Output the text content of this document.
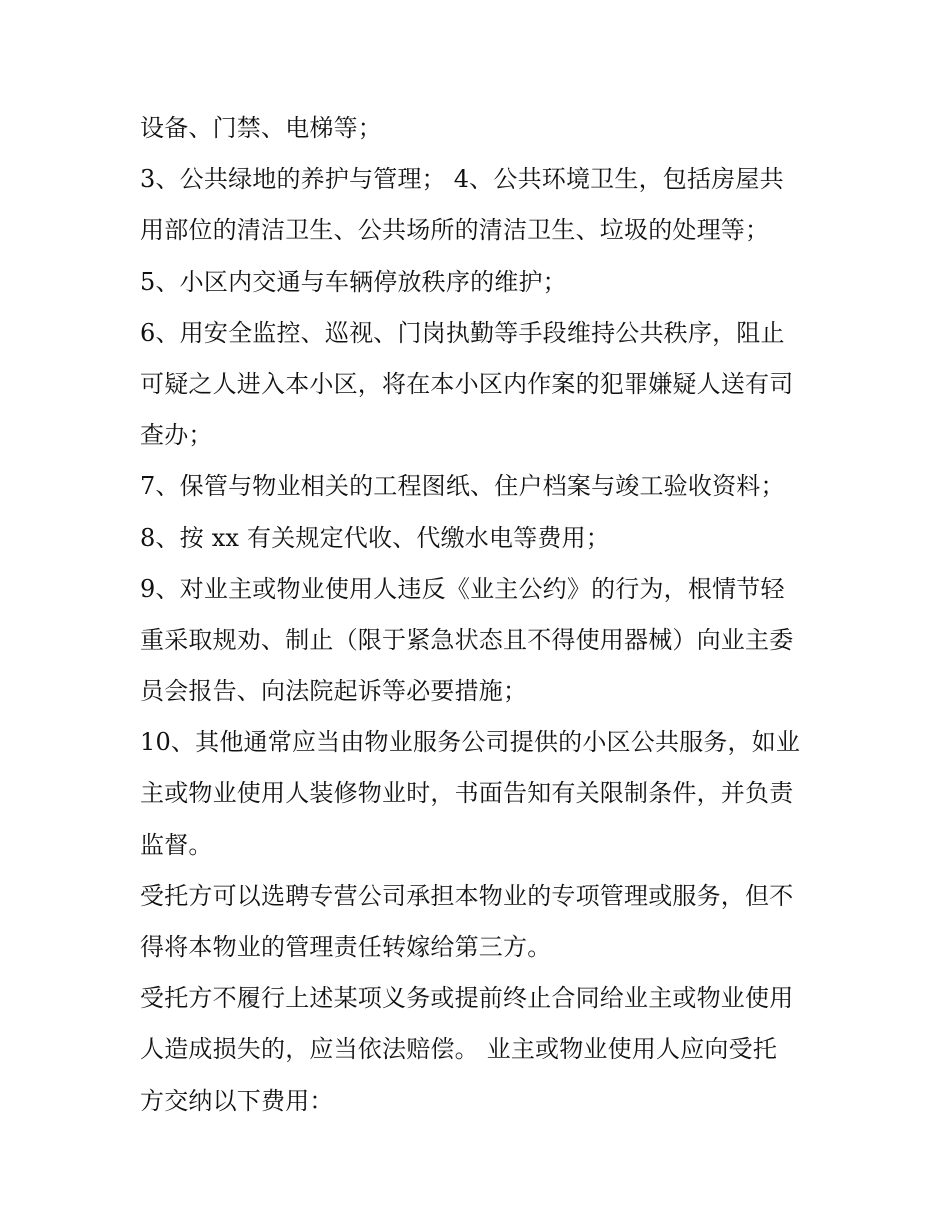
设备、门禁、电梯等；
3、公共绿地的养护与管理； 4、公共环境卫生，包括房屋共
用部位的清洁卫生、公共场所的清洁卫生、垃圾的处理等；
5、小区内交通与车辆停放秩序的维护；
6、用安全监控、巡视、门岗执勤等手段维持公共秩序，阻止
可疑之人进入本小区，将在本小区内作案的犯罪嫌疑人送有司
查办；
7、保管与物业相关的工程图纸、住户档案与竣工验收资料；
8、按 xx 有关规定代收、代缴水电等费用；
9、对业主或物业使用人违反《业主公约》的行为，根情节轻
重采取规劝、制止（限于紧急状态且不得使用器械）向业主委
员会报告、向法院起诉等必要措施；
10、其他通常应当由物业服务公司提供的小区公共服务，如业
主或物业使用人装修物业时，书面告知有关限制条件，并负责
监督。
受托方可以选聘专营公司承担本物业的专项管理或服务，但不
得将本物业的管理责任转嫁给第三方。
受托方不履行上述某项义务或提前终止合同给业主或物业使用
人造成损失的，应当依法赔偿。 业主或物业使用人应向受托
方交纳以下费用：
